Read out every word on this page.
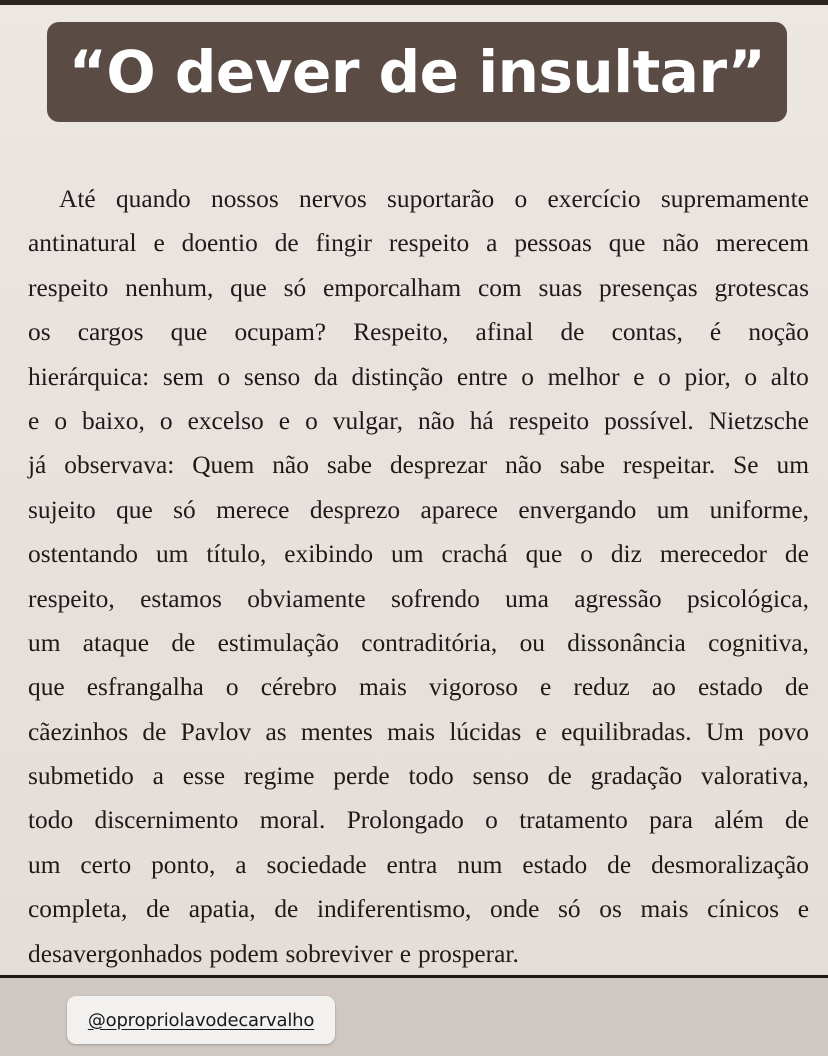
“O dever de insultar”
Até quando nossos nervos suportarão o exercício supremamente
antinatural e doentio de fingir respeito a pessoas que não merecem
respeito nenhum, que só emporcalham com suas presenças grotescas
os cargos que ocupam? Respeito, afinal de contas, é noção
hierárquica: sem o senso da distinção entre o melhor e o pior, o alto
e o baixo, o excelso e o vulgar, não há respeito possível. Nietzsche
já observava: Quem não sabe desprezar não sabe respeitar. Se um
sujeito que só merece desprezo aparece envergando um uniforme,
ostentando um título, exibindo um crachá que o diz merecedor de
respeito, estamos obviamente sofrendo uma agressão psicológica,
um ataque de estimulação contraditória, ou dissonância cognitiva,
que esfrangalha o cérebro mais vigoroso e reduz ao estado de
cãezinhos de Pavlov as mentes mais lúcidas e equilibradas. Um povo
submetido a esse regime perde todo senso de gradação valorativa,
todo discernimento moral. Prolongado o tratamento para além de
um certo ponto, a sociedade entra num estado de desmoralização
completa, de apatia, de indiferentismo, onde só os mais cínicos e
desavergonhados podem sobreviver e prosperar.
@opropriolavodecarvalho
